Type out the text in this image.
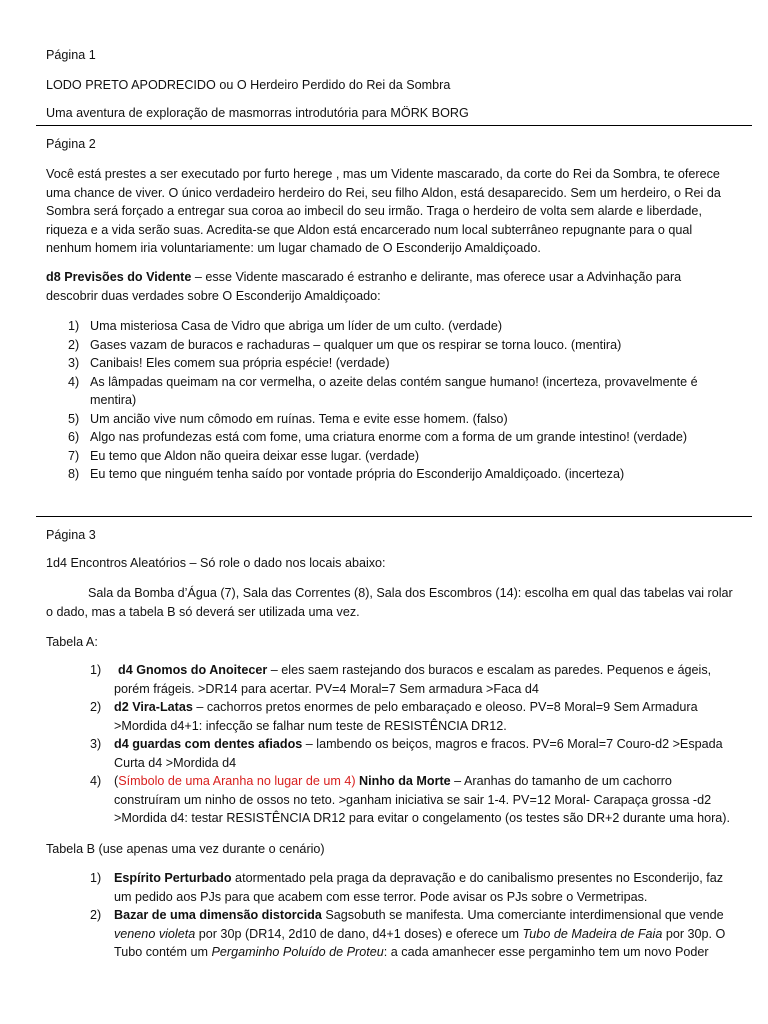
Página 1
LODO PRETO APODRECIDO ou O Herdeiro Perdido do Rei da Sombra
Uma aventura de exploração de masmorras introdutória para MÖRK BORG
Página 2

Você está prestes a ser executado por furto herege , mas um Vidente mascarado, da corte do Rei da Sombra, te oferece

uma chance de viver. O único verdadeiro herdeiro do Rei, seu filho Aldon, está desaparecido. Sem um herdeiro, o Rei da

Sombra será forçado a entregar sua coroa ao imbecil do seu irmão. Traga o herdeiro de volta sem alarde e liberdade,

riqueza e a vida serão suas. Acredita-se que Aldon está encarcerado num local subterrâneo repugnante para o qual

nenhum homem iria voluntariamente: um lugar chamado de O Esconderijo Amaldiçoado.

d8 Previsões do Vidente – esse Vidente mascarado é estranho e delirante, mas oferece usar a Advinhação para

descobrir duas verdades sobre O Esconderijo Amaldiçoado:

1) Uma misteriosa Casa de Vidro que abriga um líder de um culto. (verdade)
2) Gases vazam de buracos e rachaduras – qualquer um que os respirar se torna louco. (mentira)
3) Canibais! Eles comem sua própria espécie! (verdade)
4) As lâmpadas queimam na cor vermelha, o azeite delas contém sangue humano! (incerteza, provavelmente é
mentira)
5) Um ancião vive num cômodo em ruínas. Tema e evite esse homem. (falso)
6) Algo nas profundezas está com fome, uma criatura enorme com a forma de um grande intestino! (verdade)
7) Eu temo que Aldon não queira deixar esse lugar. (verdade)
8) Eu temo que ninguém tenha saído por vontade própria do Esconderijo Amaldiçoado. (incerteza)
Página 3
1d4 Encontros Aleatórios – Só role o dado nos locais abaixo:

Sala da Bomba d’Água (7), Sala das Correntes (8), Sala dos Escombros (14): escolha em qual das tabelas vai rolar

o dado, mas a tabela B só deverá ser utilizada uma vez.

Tabela A:
1) d4 Gnomos do Anoitecer – eles saem rastejando dos buracos e escalam as paredes. Pequenos e ágeis,
porém frágeis. >DR14 para acertar. PV=4 Moral=7 Sem armadura >Faca d4
2) d2 Vira-Latas – cachorros pretos enormes de pelo embaraçado e oleoso. PV=8 Moral=9 Sem Armadura
>Mordida d4+1: infecção se falhar num teste de RESISTÊNCIA DR12.
3) d4 guardas com dentes afiados – lambendo os beiços, magros e fracos. PV=6 Moral=7 Couro-d2 >Espada
Curta d4 >Mordida d4
4) (Símbolo de uma Aranha no lugar de um 4) Ninho da Morte – Aranhas do tamanho de um cachorro
construíram um ninho de ossos no teto. >ganham iniciativa se sair 1-4. PV=12 Moral- Carapaça grossa -d2
>Mordida d4: testar RESISTÊNCIA DR12 para evitar o congelamento (os testes são DR+2 durante uma hora).
Tabela B (use apenas uma vez durante o cenário)
1) Espírito Perturbado atormentado pela praga da depravação e do canibalismo presentes no Esconderijo, faz
um pedido aos PJs para que acabem com esse terror. Pode avisar os PJs sobre o Vermetripas.
2) Bazar de uma dimensão distorcida Sagsobuth se manifesta. Uma comerciante interdimensional que vende
veneno violeta por 30p (DR14, 2d10 de dano, d4+1 doses) e oferece um Tubo de Madeira de Faia por 30p. O
Tubo contém um Pergaminho Poluído de Proteu: a cada amanhecer esse pergaminho tem um novo Poder
